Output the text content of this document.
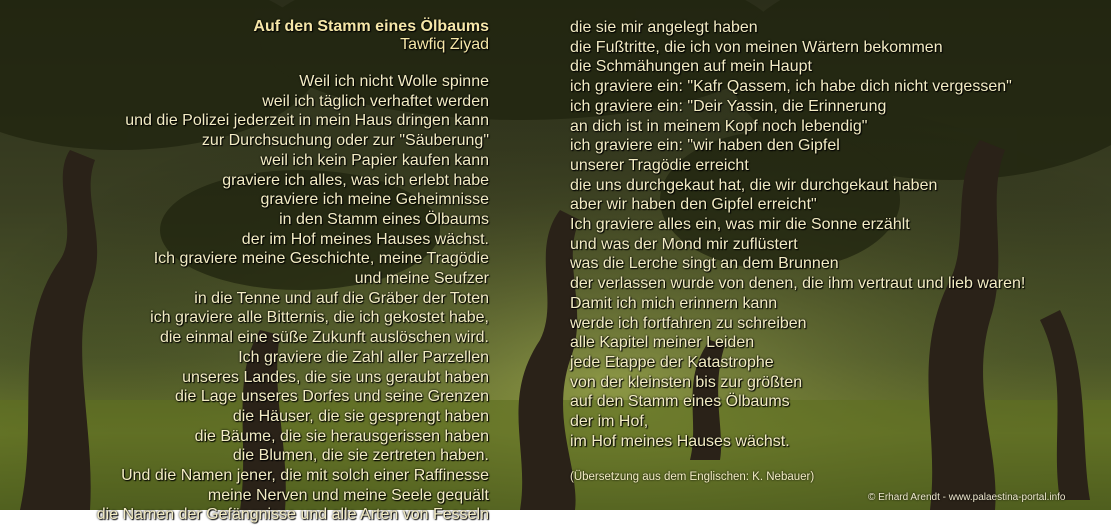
Auf den Stamm eines Ölbaums
Tawfiq Ziyad
Weil ich nicht Wolle spinne
weil ich täglich verhaftet werden
und die Polizei jederzeit in mein Haus dringen kann
zur Durchsuchung oder zur "Säuberung"
weil ich kein Papier kaufen kann
graviere ich alles, was ich erlebt habe
graviere ich meine Geheimnisse
in den Stamm eines Ölbaums
der im Hof meines Hauses wächst.
Ich graviere meine Geschichte, meine Tragödie
und meine Seufzer
in die Tenne und auf die Gräber der Toten
ich graviere alle Bitternis, die ich gekostet habe,
die einmal eine süße Zukunft auslöschen wird.
Ich graviere die Zahl aller Parzellen
unseres Landes, die sie uns geraubt haben
die Lage unseres Dorfes und seine Grenzen
die Häuser, die sie gesprengt haben
die Bäume, die sie herausgerissen haben
die Blumen, die sie zertreten haben.
Und die Namen jener, die mit solch einer Raffinesse
meine Nerven und meine Seele gequält
die Namen der Gefängnisse und alle Arten von Fesseln
die sie mir angelegt haben
die Fußtritte, die ich von meinen Wärtern bekommen
die Schmähungen auf mein Haupt
ich graviere ein: "Kafr Qassem, ich habe dich nicht vergessen"
ich graviere ein: "Deir Yassin, die Erinnerung
an dich ist in meinem Kopf noch lebendig"
ich graviere ein: "wir haben den Gipfel
unserer Tragödie erreicht
die uns durchgekaut hat, die wir durchgekaut haben
aber wir haben den Gipfel erreicht"
Ich graviere alles ein, was mir die Sonne erzählt
und was der Mond mir zuflüstert
was die Lerche singt an dem Brunnen
der verlassen wurde von denen, die ihm vertraut und lieb waren!
Damit ich mich erinnern kann
werde ich fortfahren zu schreiben
alle Kapitel meiner Leiden
jede Etappe der Katastrophe
von der kleinsten bis zur größten
auf den Stamm eines Ölbaums
der im Hof,
im Hof meines Hauses wächst.
(Übersetzung aus dem Englischen: K. Nebauer)
© Erhard Arendt - www.palaestina-portal.info
